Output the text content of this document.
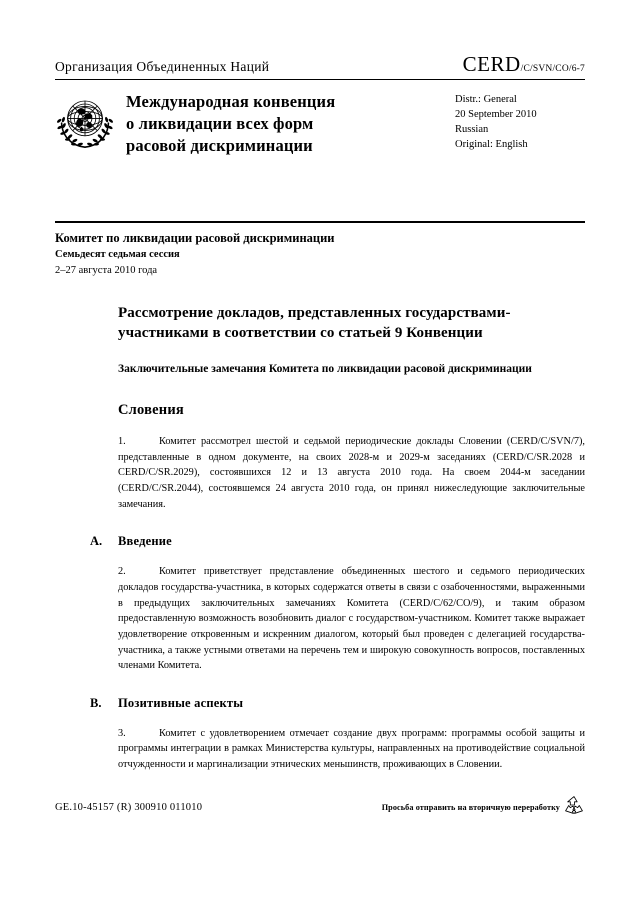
Организация Объединенных Наций	CERD/C/SVN/CO/6-7
Международная конвенция
о ликвидации всех форм
расовой дискриминации
Distr.: General
20 September 2010
Russian
Original: English
Комитет по ликвидации расовой дискриминации
Семьдесят седьмая сессия
2–27 августа 2010 года
Рассмотрение докладов, представленных государствами-участниками в соответствии со статьей 9 Конвенции
Заключительные замечания Комитета по ликвидации расовой дискриминации
Словения
1.	Комитет рассмотрел шестой и седьмой периодические доклады Словении (CERD/C/SVN/7), представленные в одном документе, на своих 2028-м и 2029-м заседаниях (CERD/C/SR.2028 и CERD/C/SR.2029), состоявшихся 12 и 13 августа 2010 года. На своем 2044-м заседании (CERD/C/SR.2044), состоявшемся 24 августа 2010 года, он принял нижеследующие заключительные замечания.
A.	Введение
2.	Комитет приветствует представление объединенных шестого и седьмого периодических докладов государства-участника, в которых содержатся ответы в связи с озабоченностями, выраженными в предыдущих заключительных замечаниях Комитета (CERD/C/62/CO/9), и таким образом предоставленную возможность возобновить диалог с государством-участником. Комитет также выражает удовлетворение откровенным и искренним диалогом, который был проведен с делегацией государства-участника, а также устными ответами на перечень тем и широкую совокупность вопросов, поставленных членами Комитета.
B.	Позитивные аспекты
3.	Комитет с удовлетворением отмечает создание двух программ: программы особой защиты и программы интеграции в рамках Министерства культуры, направленных на противодействие социальной отчужденности и маргинализации этнических меньшинств, проживающих в Словении.
GE.10-45157 (R) 300910 011010	Просьба отправить на вторичную переработку
